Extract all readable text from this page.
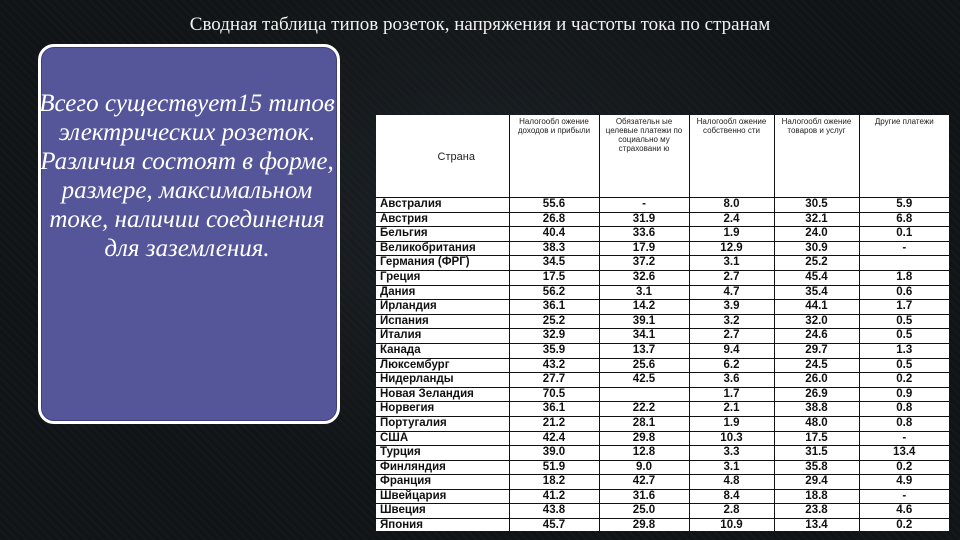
Сводная таблица типов розеток, напряжения и частоты тока по странам
Всего существует15 типов электрических розеток. Различия состоят в форме, размере, максимальном токе, наличии соединения для заземления.
Страна	Налогообл ожение доходов и прибыли	Обязательн ые целевые платежи по социально му страховани ю	Налогообл ожение собственно сти	Налогообл ожение товаров и услуг	Другие платежи
Австралия	55.6	-	8.0	30.5	5.9
Австрия	26.8	31.9	2.4	32.1	6.8
Бельгия	40.4	33.6	1.9	24.0	0.1
Великобритания	38.3	17.9	12.9	30.9	-
Германия (ФРГ)	34.5	37.2	3.1	25.2	
Греция	17.5	32.6	2.7	45.4	1.8
Дания	56.2	3.1	4.7	35.4	0.6
Ирландия	36.1	14.2	3.9	44.1	1.7
Испания	25.2	39.1	3.2	32.0	0.5
Италия	32.9	34.1	2.7	24.6	0.5
Канада	35.9	13.7	9.4	29.7	1.3
Люксембург	43.2	25.6	6.2	24.5	0.5
Нидерланды	27.7	42.5	3.6	26.0	0.2
Новая Зеландия	70.5		1.7	26.9	0.9
Норвегия	36.1	22.2	2.1	38.8	0.8
Португалия	21.2	28.1	1.9	48.0	0.8
США	42.4	29.8	10.3	17.5	-
Турция	39.0	12.8	3.3	31.5	13.4
Финляндия	51.9	9.0	3.1	35.8	0.2
Франция	18.2	42.7	4.8	29.4	4.9
Швейцария	41.2	31.6	8.4	18.8	-
Швеция	43.8	25.0	2.8	23.8	4.6
Япония	45.7	29.8	10.9	13.4	0.2
